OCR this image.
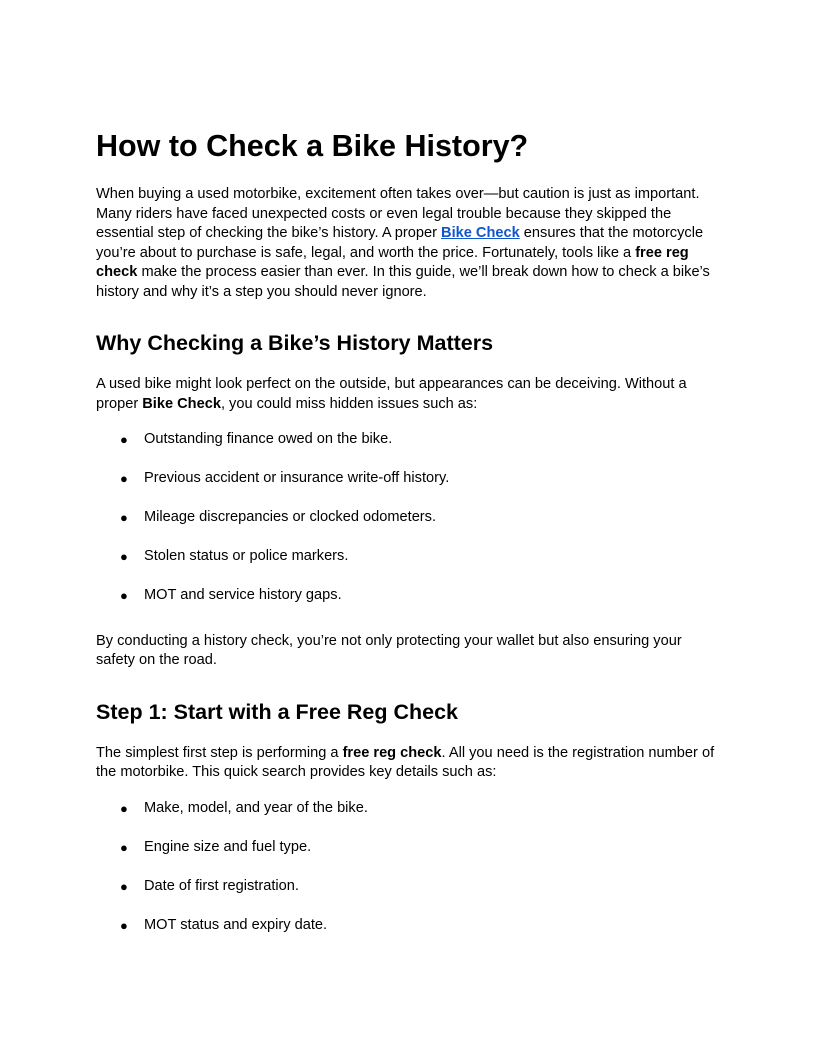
How to Check a Bike History?

When buying a used motorbike, excitement often takes over—but caution is just as important. Many riders have faced unexpected costs or even legal trouble because they skipped the essential step of checking the bike’s history. A proper Bike Check ensures that the motorcycle you’re about to purchase is safe, legal, and worth the price. Fortunately, tools like a free reg check make the process easier than ever. In this guide, we’ll break down how to check a bike’s history and why it’s a step you should never ignore.

Why Checking a Bike’s History Matters

A used bike might look perfect on the outside, but appearances can be deceiving. Without a proper Bike Check, you could miss hidden issues such as:

● Outstanding finance owed on the bike.
● Previous accident or insurance write-off history.
● Mileage discrepancies or clocked odometers.
● Stolen status or police markers.
● MOT and service history gaps.

By conducting a history check, you’re not only protecting your wallet but also ensuring your safety on the road.

Step 1: Start with a Free Reg Check

The simplest first step is performing a free reg check. All you need is the registration number of the motorbike. This quick search provides key details such as:

● Make, model, and year of the bike.
● Engine size and fuel type.
● Date of first registration.
● MOT status and expiry date.
